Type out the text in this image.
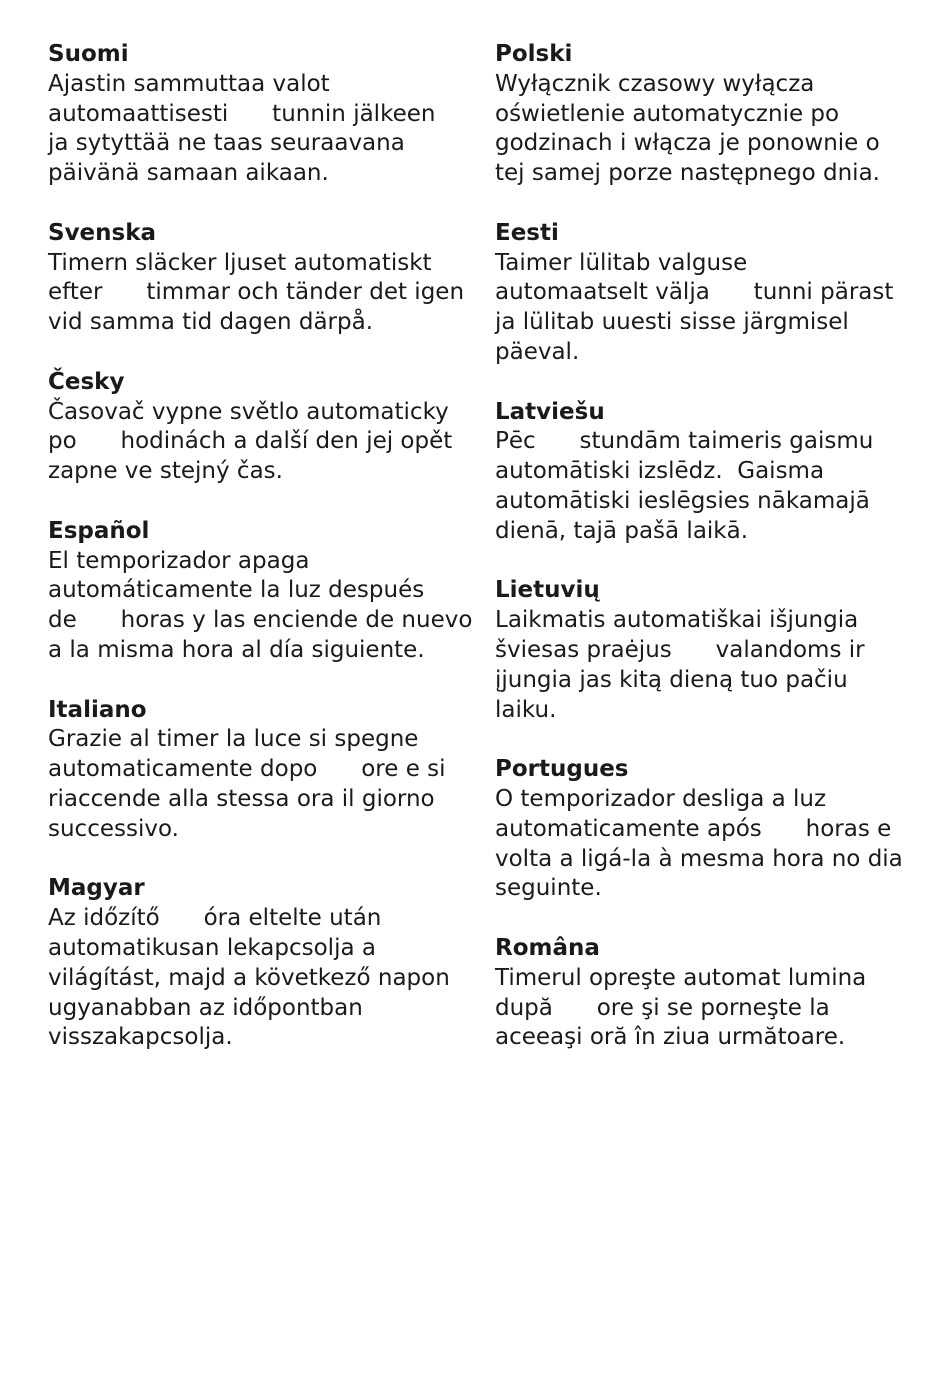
Suomi
Ajastin sammuttaa valot
automaattisesti      tunnin jälkeen
ja sytyttää ne taas seuraavana
päivänä samaan aikaan.
Svenska
Timern släcker ljuset automatiskt
efter      timmar och tänder det igen
vid samma tid dagen därpå.
Česky
Časovač vypne světlo automaticky
po      hodinách a další den jej opět
zapne ve stejný čas.
Español
El temporizador apaga
automáticamente la luz después
de      horas y las enciende de nuevo
a la misma hora al día siguiente.
Italiano
Grazie al timer la luce si spegne
automaticamente dopo      ore e si
riaccende alla stessa ora il giorno
successivo.
Magyar
Az időzítő      óra eltelte után
automatikusan lekapcsolja a
világítást, majd a következő napon
ugyanabban az időpontban
visszakapcsolja.
Polski
Wyłącznik czasowy wyłącza
oświetlenie automatycznie po
godzinach i włącza je ponownie o
tej samej porze następnego dnia.
Eesti
Taimer lülitab valguse
automaatselt välja      tunni pärast
ja lülitab uuesti sisse järgmisel
päeval.
Latviešu
Pēc      stundām taimeris gaismu
automātiski izslēdz.  Gaisma
automātiski ieslēgsies nākamajā
dienā, tajā pašā laikā.
Lietuvių
Laikmatis automatiškai išjungia
šviesas praėjus      valandoms ir
įjungia jas kitą dieną tuo pačiu
laiku.
Portugues
O temporizador desliga a luz
automaticamente após      horas e
volta a ligá-la à mesma hora no dia
seguinte.
Româna
Timerul opreşte automat lumina
după      ore şi se porneşte la
aceeaşi oră în ziua următoare.
